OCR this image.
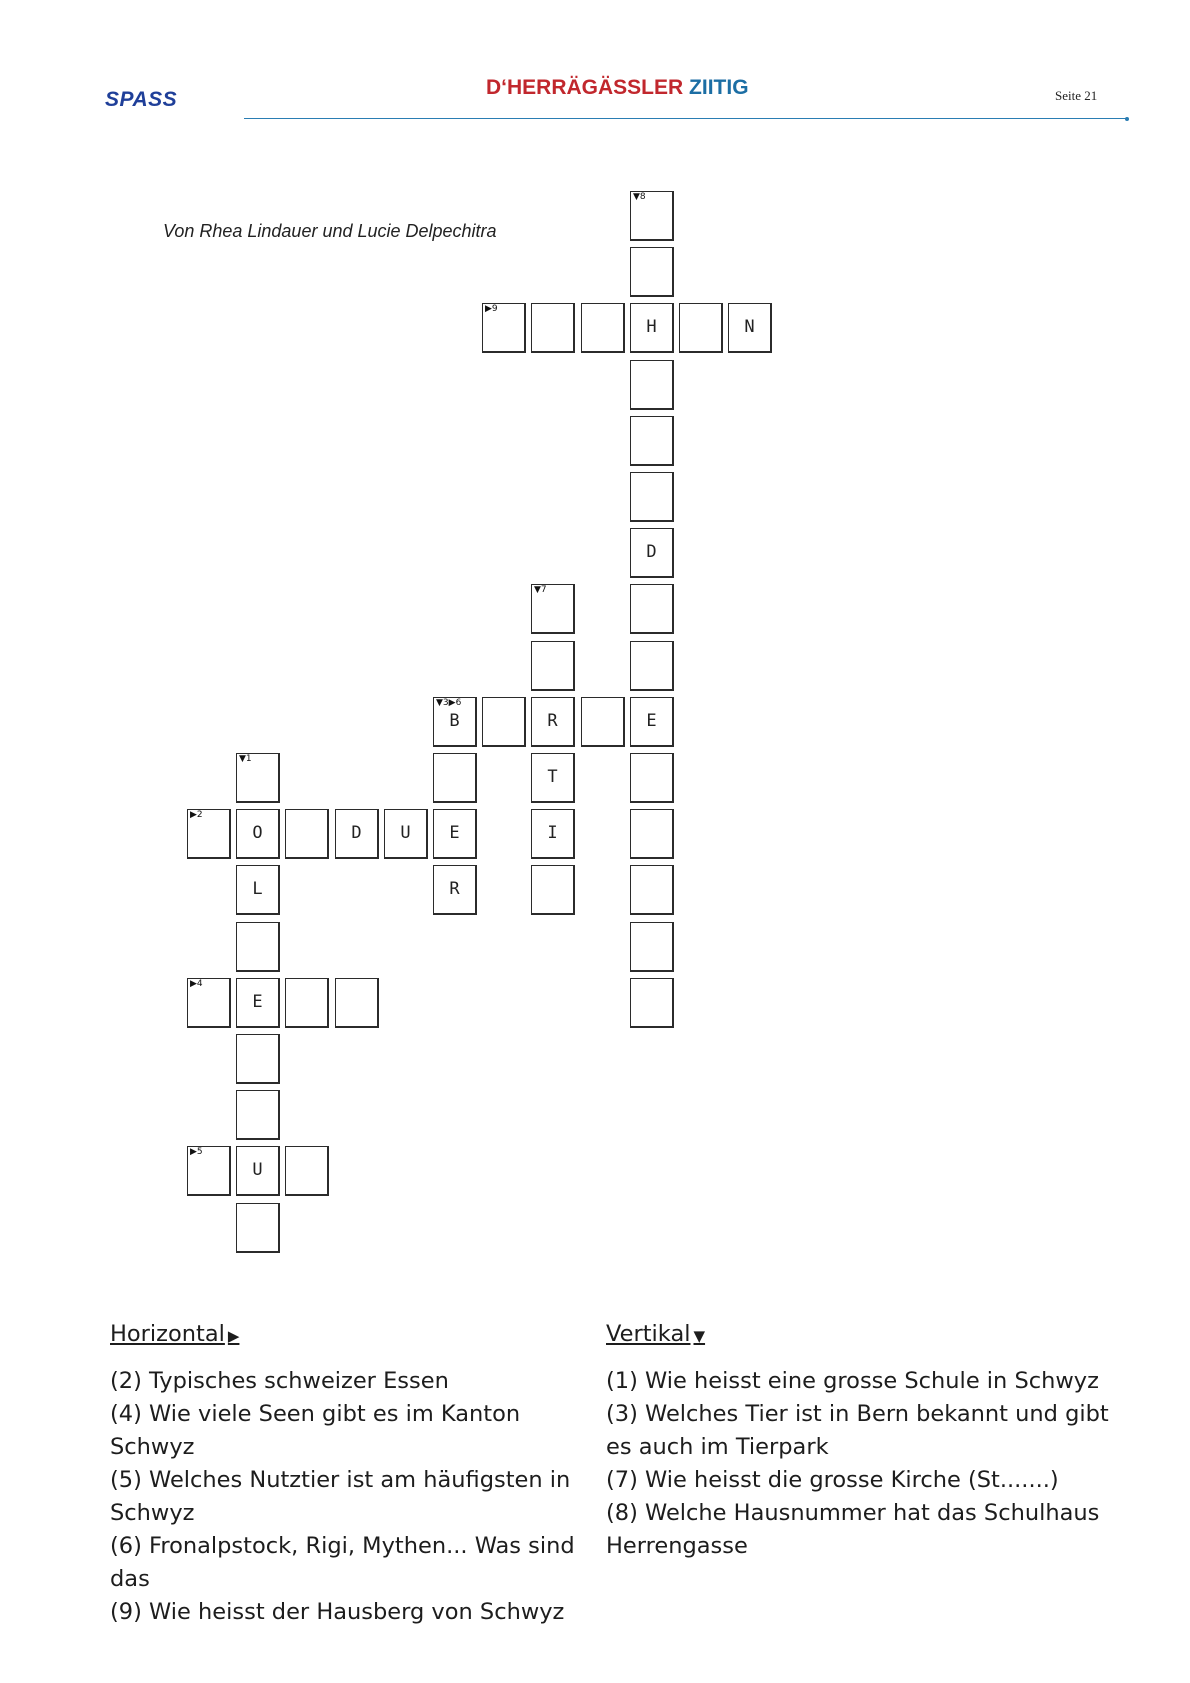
SPASS
D‘HERRÄGÄSSLER ZIITIG	Seite 21
Von Rhea Lindauer und Lucie Delpechitra
▼8
▶9
H	N
D
▼7
▼3▶6
B	R	E
▼1
T
▶2
O	D	U	E	I
L	R
▶4
E
▶5
U
Horizontal ▶
(2) Typisches schweizer Essen
(4) Wie viele Seen gibt es im Kanton Schwyz
(5) Welches Nutztier ist am häufigsten in Schwyz
(6) Fronalpstock, Rigi, Mythen... Was sind das
(9) Wie heisst der Hausberg von Schwyz
Vertikal ▼
(1) Wie heisst eine grosse Schule in Schwyz
(3) Welches Tier ist in Bern bekannt und gibt es auch im Tierpark
(7) Wie heisst die grosse Kirche (St.......)
(8) Welche Hausnummer hat das Schulhaus Herrengasse
